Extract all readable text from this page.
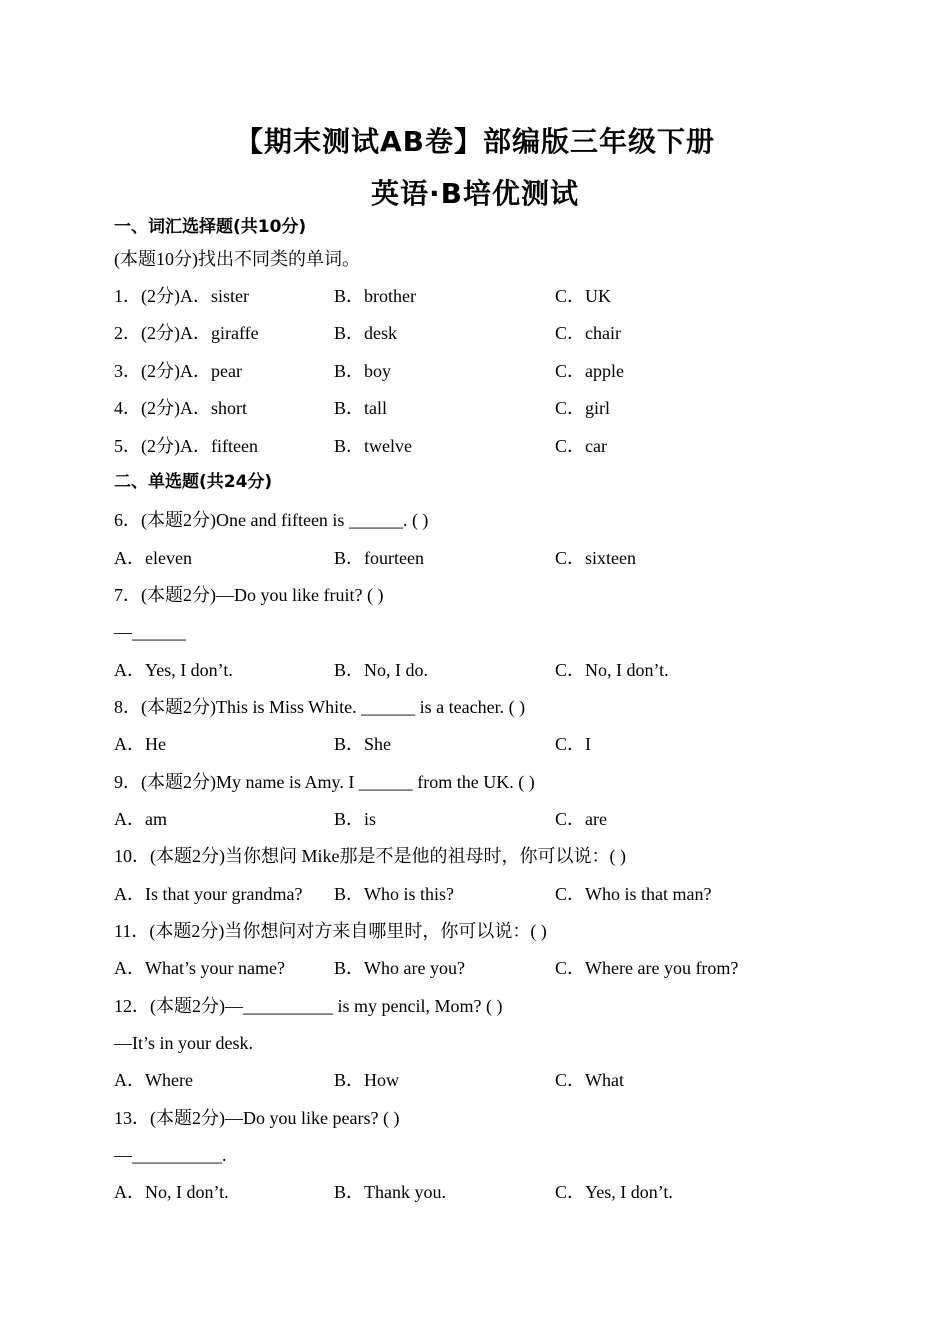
【期末测试AB卷】部编版三年级下册
英语·B培优测试
一、词汇选择题(共10分)
(本题10分)找出不同类的单词。
1．(2分)A．sister	B．brother	C．UK
2．(2分)A．giraffe	B．desk	C．chair
3．(2分)A．pear	B．boy	C．apple
4．(2分)A．short	B．tall	C．girl
5．(2分)A．fifteen	B．twelve	C．car
二、单选题(共24分)
6．(本题2分)One and fifteen is ______. ( )
A．eleven	B．fourteen	C．sixteen
7．(本题2分)—Do you like fruit? ( )
—______
A．Yes, I don’t.	B．No, I do.	C．No, I don’t.
8．(本题2分)This is Miss White. ______ is a teacher. ( )
A．He	B．She	C．I
9．(本题2分)My name is Amy. I ______ from the UK. ( )
A．am	B．is	C．are
10．(本题2分)当你想问 Mike那是不是他的祖母时，你可以说：( )
A．Is that your grandma? B．Who is this?	C．Who is that man?
11．(本题2分)当你想问对方来自哪里时，你可以说：( )
A．What’s your name?	B．Who are you?	C．Where are you from?
12．(本题2分)—__________ is my pencil, Mom? ( )
—It’s in your desk.
A．Where	B．How	C．What
13．(本题2分)—Do you like pears? ( )
—__________.
A．No, I don’t.	B．Thank you.	C．Yes, I don’t.
